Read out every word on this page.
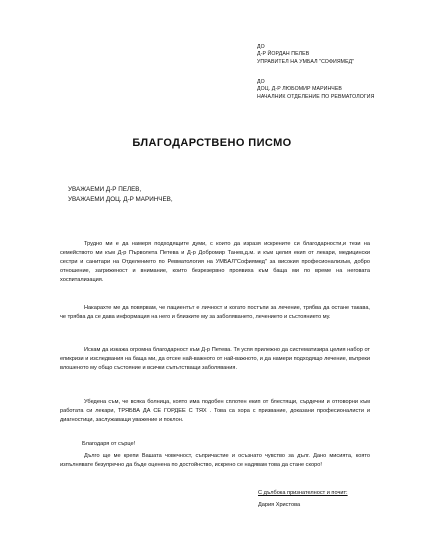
ДО
Д-Р ЙОРДАН ПЕЛЕВ
УПРАВИТЕЛ НА УМБАЛ "СОФИЯМЕД"
ДО
ДОЦ. Д-Р ЛЮБОМИР МАРИНЧЕВ
НАЧАЛНИК ОТДЕЛЕНИЕ ПО РЕВМАТОЛОГИЯ
БЛАГОДАРСТВЕНО ПИСМО
УВАЖАЕМИ Д-Р ПЕЛЕВ,
УВАЖАЕМИ ДОЦ. Д-Р МАРИНЧЕВ,

Трудно ми е да намеря подходящите думи, с които да изразя искрените си благодарности,и тези на семейството ми към Д-р Първолета Петева и Д-р Добромир Танев,д.м. и към целия екип от лекари, медицински сестри и санитари на Отделението по Ревматология на УМБАЛ"Софиямед" за високия професионализъм, добро отношение, загриженост и внимание, които безрезервно проявиха към баща ми по време на неговата хоспитализация.

Накарахте ме да повярвам, че пациентът е личност и когато постъпи за лечение, трябва да остане такава, че трябва да се дава информация на него и близките му за заболяването, лечението и състоянието му.

Искам да изкажа огромна благодарност към Д-р Петева. Тя успя прилежно да систематизира целия набор от епикризи и изследвания на баща ми, да отсее най-важното от най-важното, и да намери подходящо лечение, въпреки влошеното му общо състояние и всички съпътстващи заболявания.

Убедена съм, че всяка болница, която има подобен сплотен екип от блестящи, сърдечни и отговорни към работата си лекари, ТРЯБВА ДА СЕ ГОРДЕЕ С ТЯХ . Това са хора с призвание, доказани професионалисти и диагностици, заслужаващи уважение и поклон.

Благодаря от сърце!

Дълго ще ме крепи Вашата човечност, съпричастие и осъзнато чувство за дълг. Дано мисията, която изпълнявате безупречно да бъде оценена по достойнство, искрено се надявам това да стане скоро!

С дълбока признателност и почит:
Дария Христова
